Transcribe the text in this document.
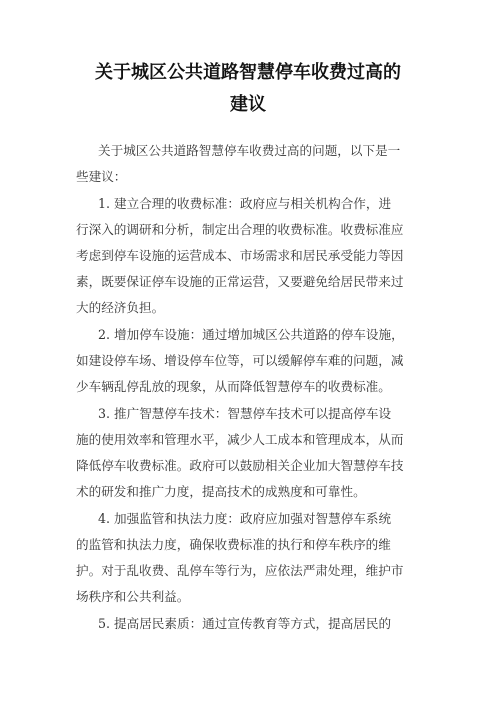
关于城区公共道路智慧停车收费过高的
建议
关于城区公共道路智慧停车收费过高的问题，以下是一
些建议：
1. 建立合理的收费标准：政府应与相关机构合作，进
行深入的调研和分析，制定出合理的收费标准。收费标准应
考虑到停车设施的运营成本、市场需求和居民承受能力等因
素，既要保证停车设施的正常运营，又要避免给居民带来过
大的经济负担。
2. 增加停车设施：通过增加城区公共道路的停车设施，
如建设停车场、增设停车位等，可以缓解停车难的问题，减
少车辆乱停乱放的现象，从而降低智慧停车的收费标准。
3. 推广智慧停车技术：智慧停车技术可以提高停车设
施的使用效率和管理水平，减少人工成本和管理成本，从而
降低停车收费标准。政府可以鼓励相关企业加大智慧停车技
术的研发和推广力度，提高技术的成熟度和可靠性。
4. 加强监管和执法力度：政府应加强对智慧停车系统
的监管和执法力度，确保收费标准的执行和停车秩序的维
护。对于乱收费、乱停车等行为，应依法严肃处理，维护市
场秩序和公共利益。
5. 提高居民素质：通过宣传教育等方式，提高居民的
